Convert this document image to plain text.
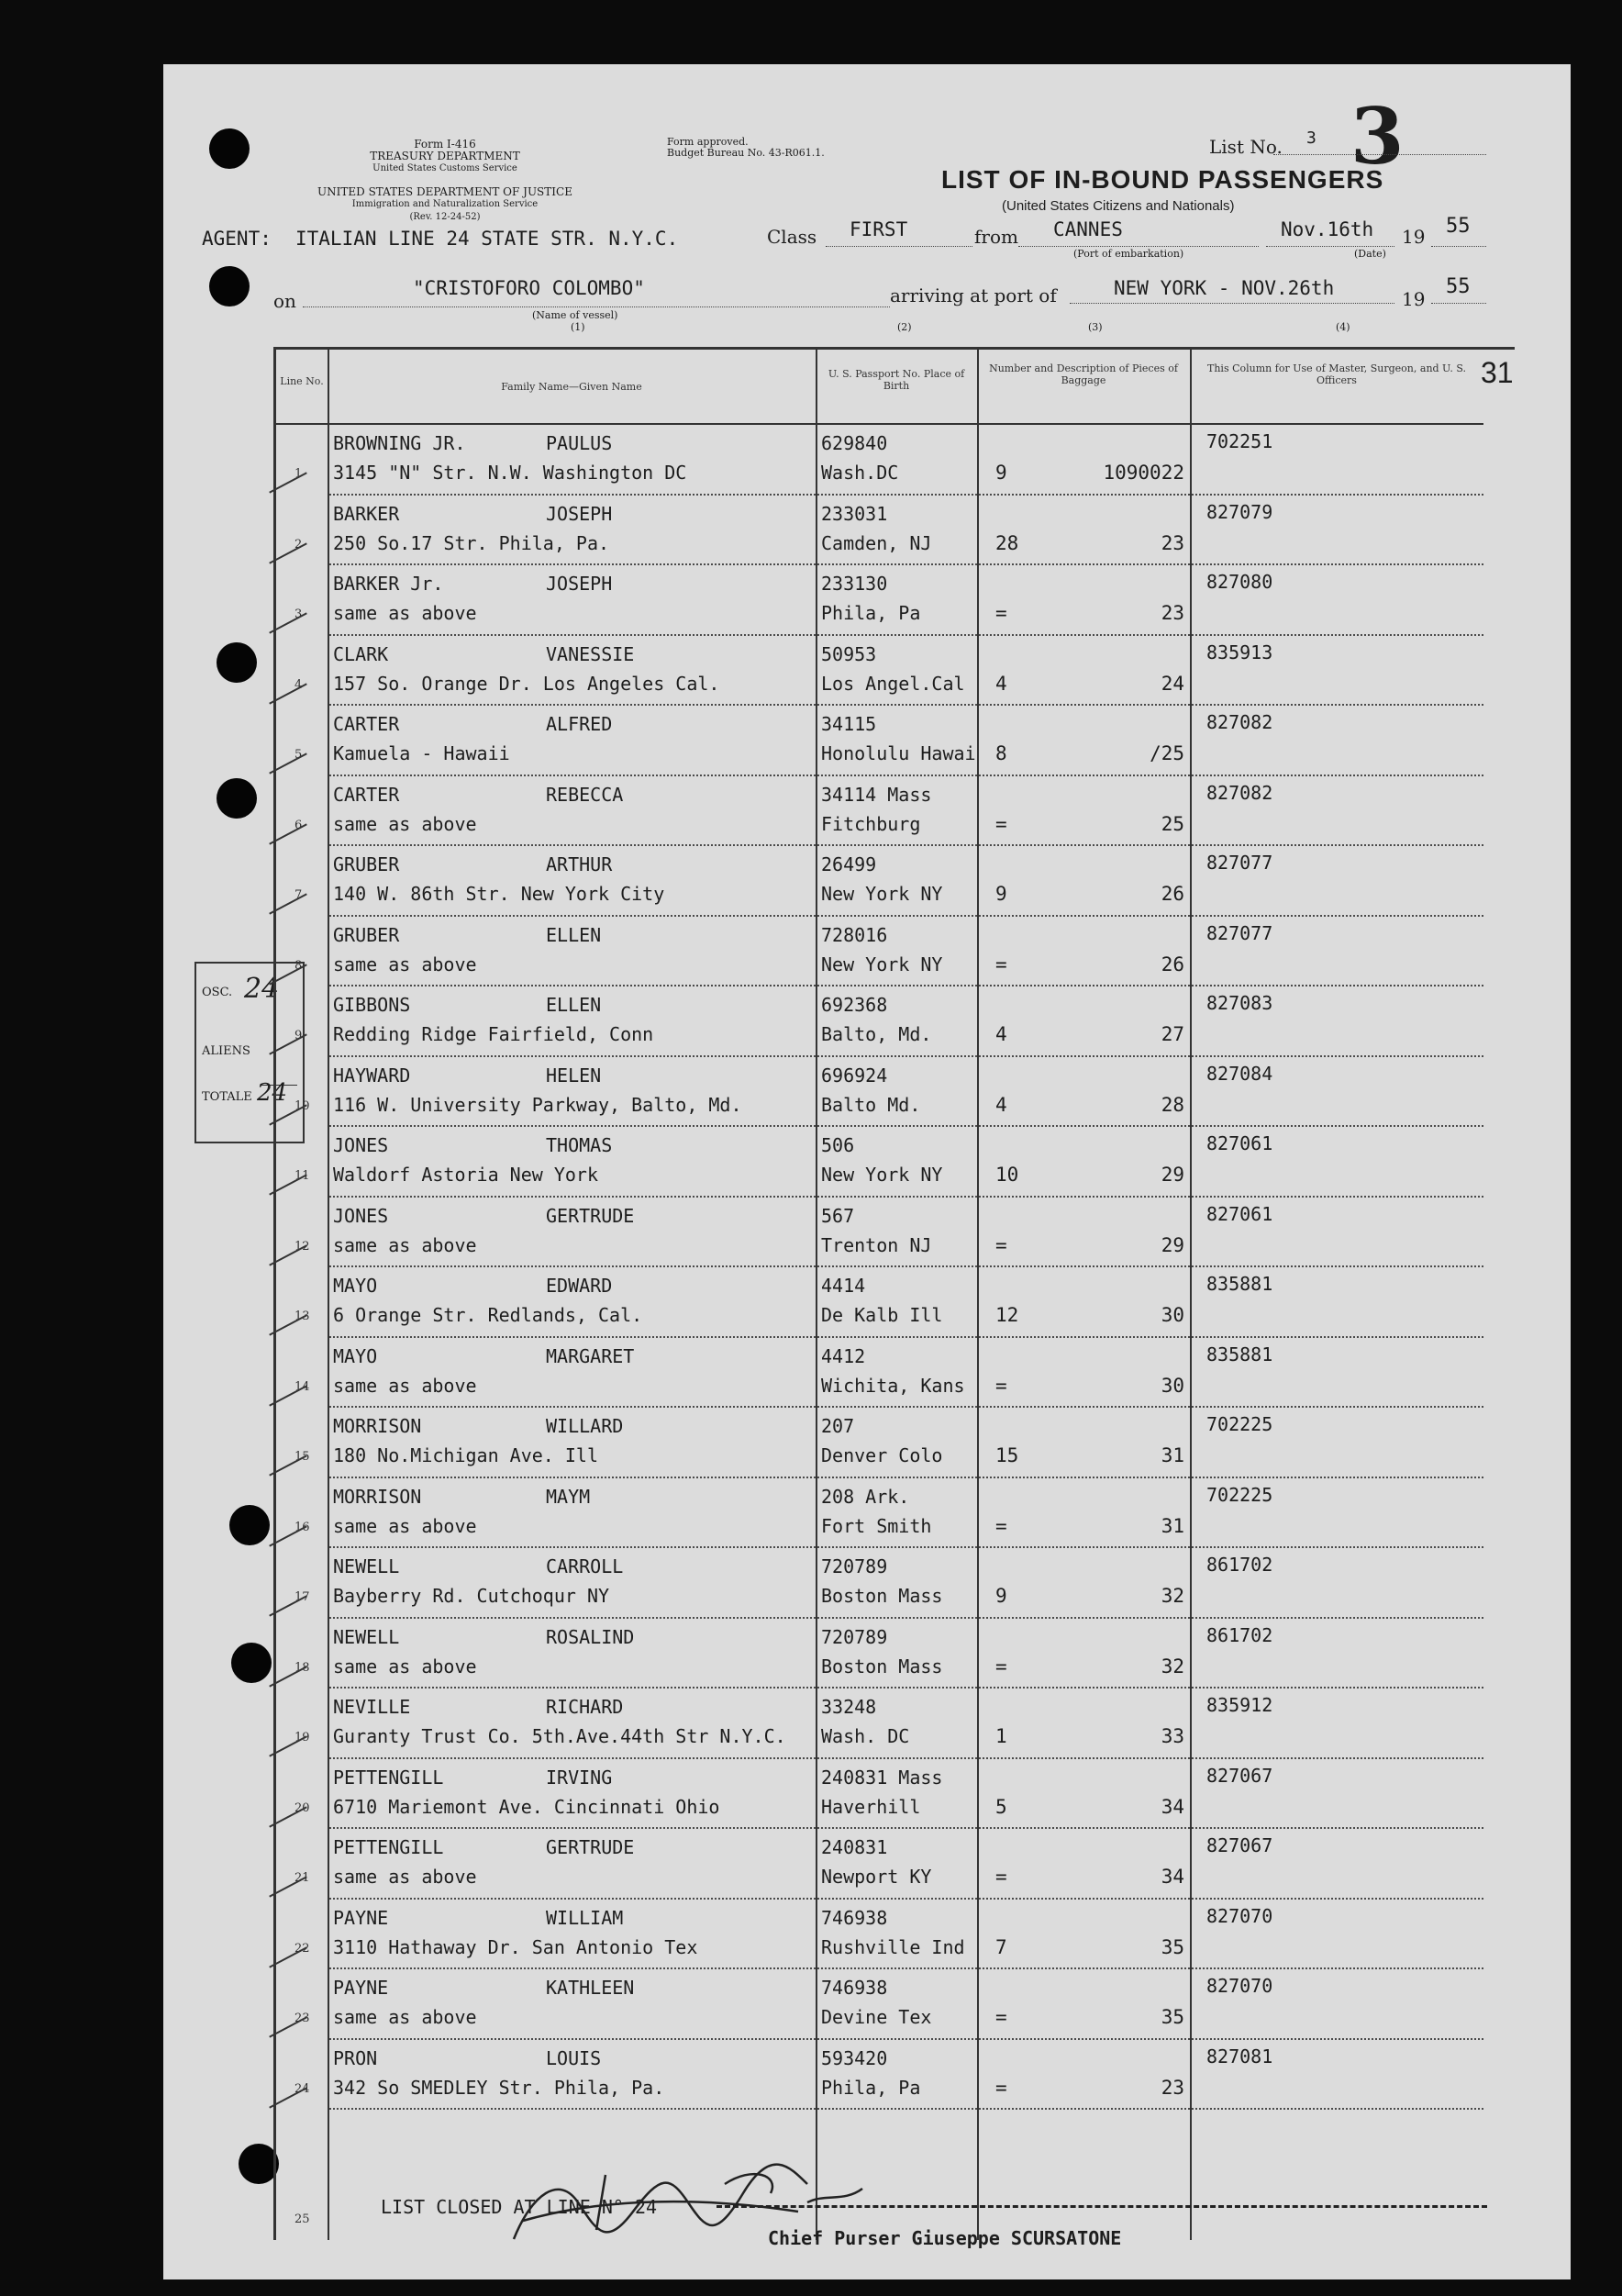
Form I-416
TREASURY DEPARTMENT
United States Customs Service
UNITED STATES DEPARTMENT OF JUSTICE
Immigration and Naturalization Service
(Rev. 12-24-52)
Form approved.
Budget Bureau No. 43-R061.1.	List No. 3 3
LIST OF IN-BOUND PASSENGERS
(United States Citizens and Nationals)
31
AGENT: ITALIAN LINE 24 STATE STR. N.Y.C.	Class FIRST	from CANNES
(Port of embarkation)
Nov.16th
(Date)
19 55
on
"CRISTOFORO COLOMBO"
(Name of vessel)
(1)	(2)	(3)	(4)
arriving at port of	NEW YORK - NOV.26th	19
55
OSC. 24
ALIENS
TOTALE 24
Line No.	Family Name—Given Name
U. S. Passport No. Place of Birth
Number and Description of Pieces of Baggage
This Column for Use of Master, Surgeon, and U. S. Officers
1
BROWNING JR.	PAULUS
3145 "N" Str. N.W. Washington DC
629840
Wash.DC	9	1090022
702251
2
BARKER	JOSEPH
250 So.17 Str. Phila, Pa.
233031
Camden, NJ	28	23
827079
3
BARKER Jr.	JOSEPH
same as above
233130
Phila, Pa	=	23
827080
4
CLARK	VANESSIE
157 So. Orange Dr. Los Angeles Cal.
50953
Los Angel.Cal 4	24
835913
5
CARTER	ALFRED
Kamuela - Hawaii
34115
Honolulu Hawai 8	/25
827082
6
CARTER	REBECCA
same as above
34114 Mass
Fitchburg	=	25
827082
7
GRUBER	ARTHUR
140 W. 86th Str. New York City
26499
New York NY	9	26
827077
8
GRUBER	ELLEN
same as above
728016
New York NY	=	26
827077
9
GIBBONS	ELLEN
Redding Ridge Fairfield, Conn
692368
Balto, Md.	4	27
827083
10
HAYWARD	HELEN
116 W. University Parkway, Balto, Md.
696924
Balto Md.	4	28
827084
11
JONES	THOMAS
Waldorf Astoria New York
506
New York NY	10	29
827061
12
JONES	GERTRUDE
same as above
567
Trenton NJ	=	29
827061
13
MAYO	EDWARD
6 Orange Str. Redlands, Cal.
4414
De Kalb Ill	12	30
835881
14
MAYO	MARGARET
same as above
4412
Wichita, Kans =	30
835881
15
MORRISON	WILLARD
180 No.Michigan Ave. Ill
207
Denver Colo	15	31
702225
16
MORRISON	MAYM
same as above
208 Ark.
Fort Smith	=	31
702225
17
NEWELL	CARROLL
Bayberry Rd. Cutchoqur NY
720789
Boston Mass	9	32
861702
18
NEWELL	ROSALIND
same as above
720789
Boston Mass	=	32
861702
19
NEVILLE	RICHARD
Guranty Trust Co. 5th.Ave.44th Str N.Y.C.
33248
Wash. DC	1	33
835912
20
PETTENGILL	IRVING
6710 Mariemont Ave. Cincinnati Ohio
240831 Mass
Haverhill	5	34
827067
21
PETTENGILL	GERTRUDE
same as above
240831
Newport KY	=	34
827067
22
PAYNE	WILLIAM
3110 Hathaway Dr. San Antonio Tex
746938
Rushville Ind 7	35
827070
23
PAYNE	KATHLEEN
same as above
746938
Devine Tex	=	35
827070
24
PRON	LOUIS
342 So SMEDLEY Str. Phila, Pa.
593420
Phila, Pa	=	23
827081
25
LIST CLOSED AT LINE N° 24
Chief Purser Giuseppe SCURSATONE
